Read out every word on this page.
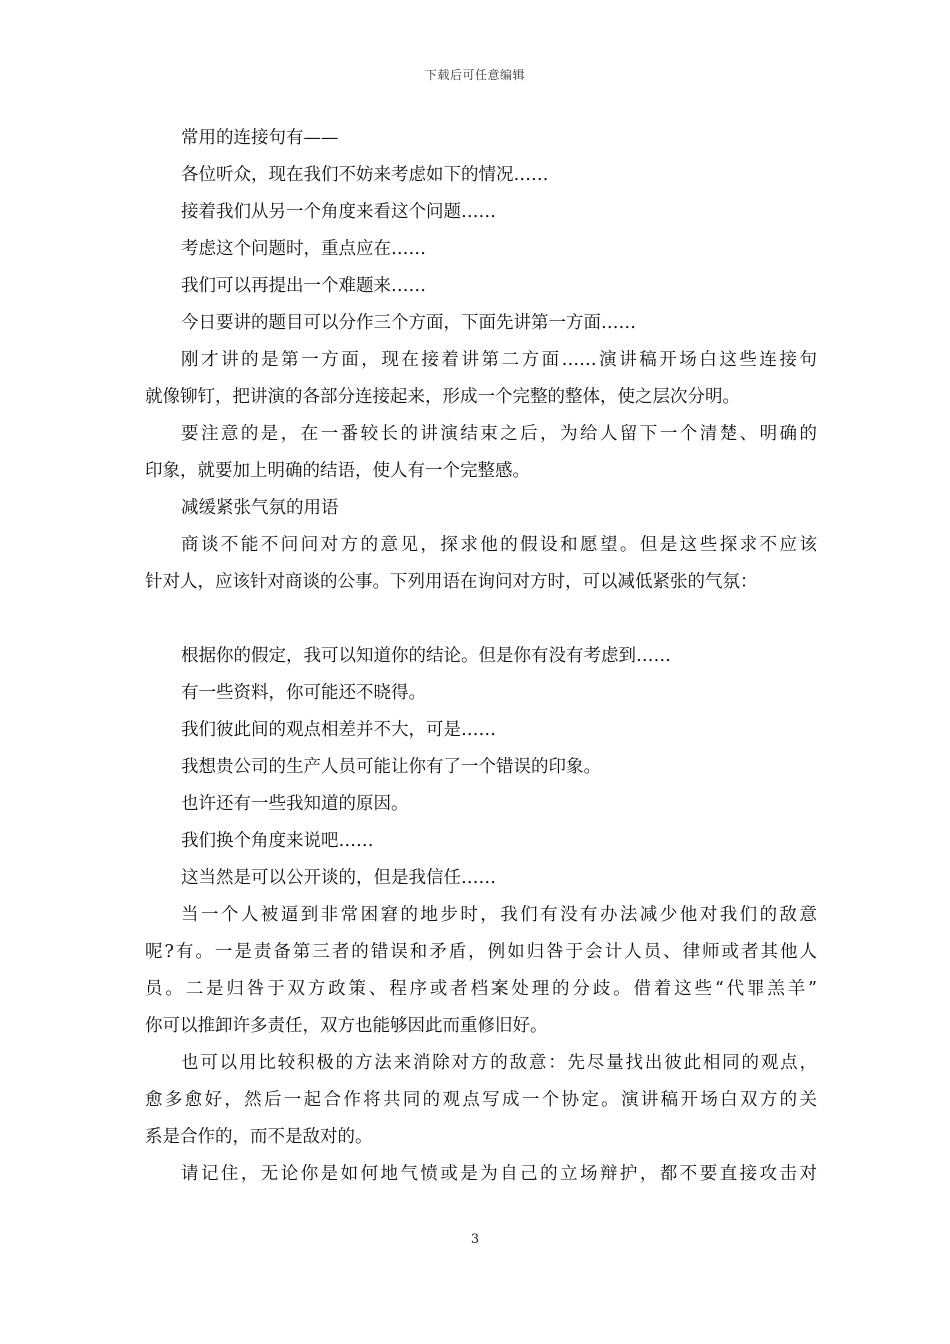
下载后可任意编辑
常用的连接句有——
各位听众，现在我们不妨来考虑如下的情况……
接着我们从另一个角度来看这个问题……
考虑这个问题时，重点应在……
我们可以再提出一个难题来……
今日要讲的题目可以分作三个方面，下面先讲第一方面……
刚才讲的是第一方面，现在接着讲第二方面……演讲稿开场白这些连接句
就像铆钉，把讲演的各部分连接起来，形成一个完整的整体，使之层次分明。
要注意的是，在一番较长的讲演结束之后，为给人留下一个清楚、明确的
印象，就要加上明确的结语，使人有一个完整感。
减缓紧张气氛的用语
商谈不能不问问对方的意见，探求他的假设和愿望。但是这些探求不应该
针对人，应该针对商谈的公事。下列用语在询问对方时，可以减低紧张的气氛：
根据你的假定，我可以知道你的结论。但是你有没有考虑到……
有一些资料，你可能还不晓得。
我们彼此间的观点相差并不大，可是……
我想贵公司的生产人员可能让你有了一个错误的印象。
也许还有一些我知道的原因。
我们换个角度来说吧……
这当然是可以公开谈的，但是我信任……
当一个人被逼到非常困窘的地步时，我们有没有办法减少他对我们的敌意
呢?有。一是责备第三者的错误和矛盾，例如归咎于会计人员、律师或者其他人
员。二是归咎于双方政策、程序或者档案处理的分歧。借着这些“代罪羔羊”
你可以推卸许多责任，双方也能够因此而重修旧好。
也可以用比较积极的方法来消除对方的敌意：先尽量找出彼此相同的观点，
愈多愈好，然后一起合作将共同的观点写成一个协定。演讲稿开场白双方的关
系是合作的，而不是敌对的。
请记住，无论你是如何地气愤或是为自己的立场辩护，都不要直接攻击对
3
